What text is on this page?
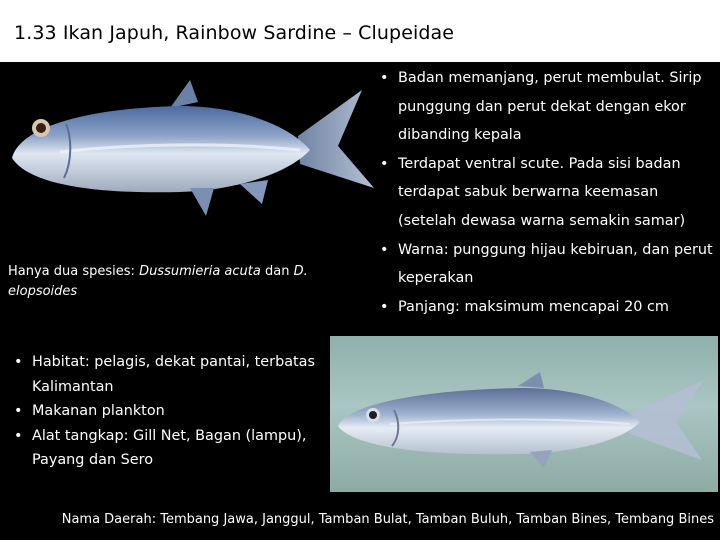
1.33 Ikan Japuh, Rainbow Sardine – Clupeidae
Hanya dua spesies: Dussumieria acuta dan D. elopsoides
• Badan memanjang, perut membulat. Sirip punggung dan perut dekat dengan ekor dibanding kepala
• Terdapat ventral scute. Pada sisi badan terdapat sabuk berwarna keemasan (setelah dewasa warna semakin samar)
• Warna: punggung hijau kebiruan, dan perut keperakan
• Panjang: maksimum mencapai 20 cm
• Habitat: pelagis, dekat pantai, terbatas Kalimantan
• Makanan plankton
• Alat tangkap: Gill Net, Bagan (lampu), Payang dan Sero
Nama Daerah: Tembang Jawa, Janggul, Tamban Bulat, Tamban Buluh, Tamban Bines, Tembang Bines
